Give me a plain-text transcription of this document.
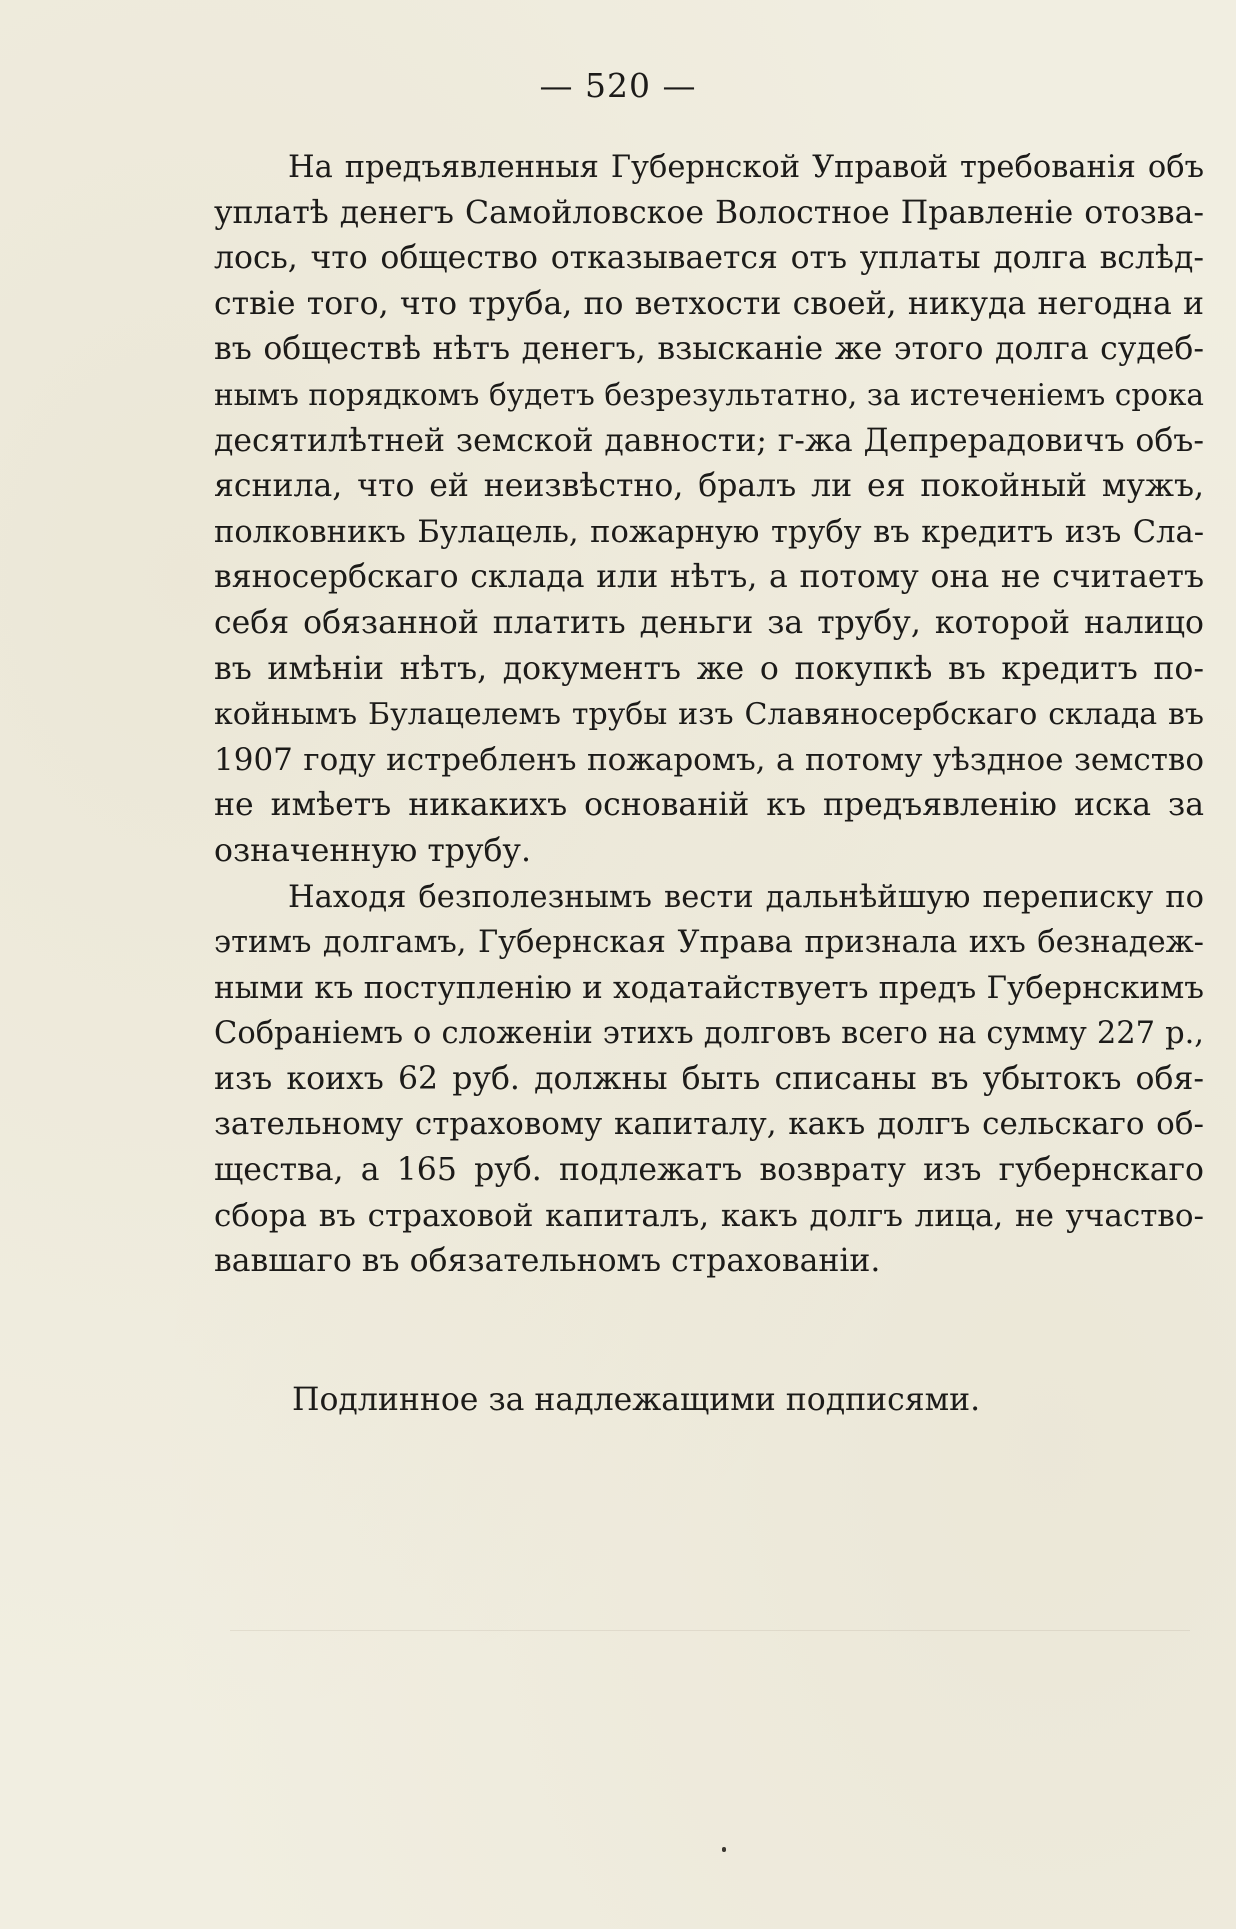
— 520 —

На предъявленныя Губернской Управой требованія объ
уплатѣ денегъ Самойловское Волостное Правленіе отозва-
лось, что общество отказывается отъ уплаты долга вслѣд-
ствіе того, что труба, по ветхости своей, никуда негодна и
въ обществѣ нѣтъ денегъ, взысканіе же этого долга судеб-
нымъ порядкомъ будетъ безрезультатно, за истеченіемъ срока
десятилѣтней земской давности; г-жа Депрерадовичъ объ-
яснила, что ей неизвѣстно, бралъ ли ея покойный мужъ,
полковникъ Булацель, пожарную трубу въ кредитъ изъ Сла-
вяносербскаго склада или нѣтъ, а потому она не считаетъ
себя обязанной платить деньги за трубу, которой налицо
въ имѣніи нѣтъ, документъ же о покупкѣ въ кредитъ по-
койнымъ Булацелемъ трубы изъ Славяносербскаго склада въ
1907 году истребленъ пожаромъ, а потому уѣздное земство
не имѣетъ никакихъ основаній къ предъявленію иска за
означенную трубу.

Находя безполезнымъ вести дальнѣйшую переписку по
этимъ долгамъ, Губернская Управа признала ихъ безнадеж-
ными къ поступленію и ходатайствуетъ предъ Губернскимъ
Собраніемъ о сложеніи этихъ долговъ всего на сумму 227 р.,
изъ коихъ 62 руб. должны быть списаны въ убытокъ обя-
зательному страховому капиталу, какъ долгъ сельскаго об-
щества, а 165 руб. подлежатъ возврату изъ губернскаго
сбора въ страховой капиталъ, какъ долгъ лица, не участво-
вавшаго въ обязательномъ страхованіи.

Подлинное за надлежащими подписями.
